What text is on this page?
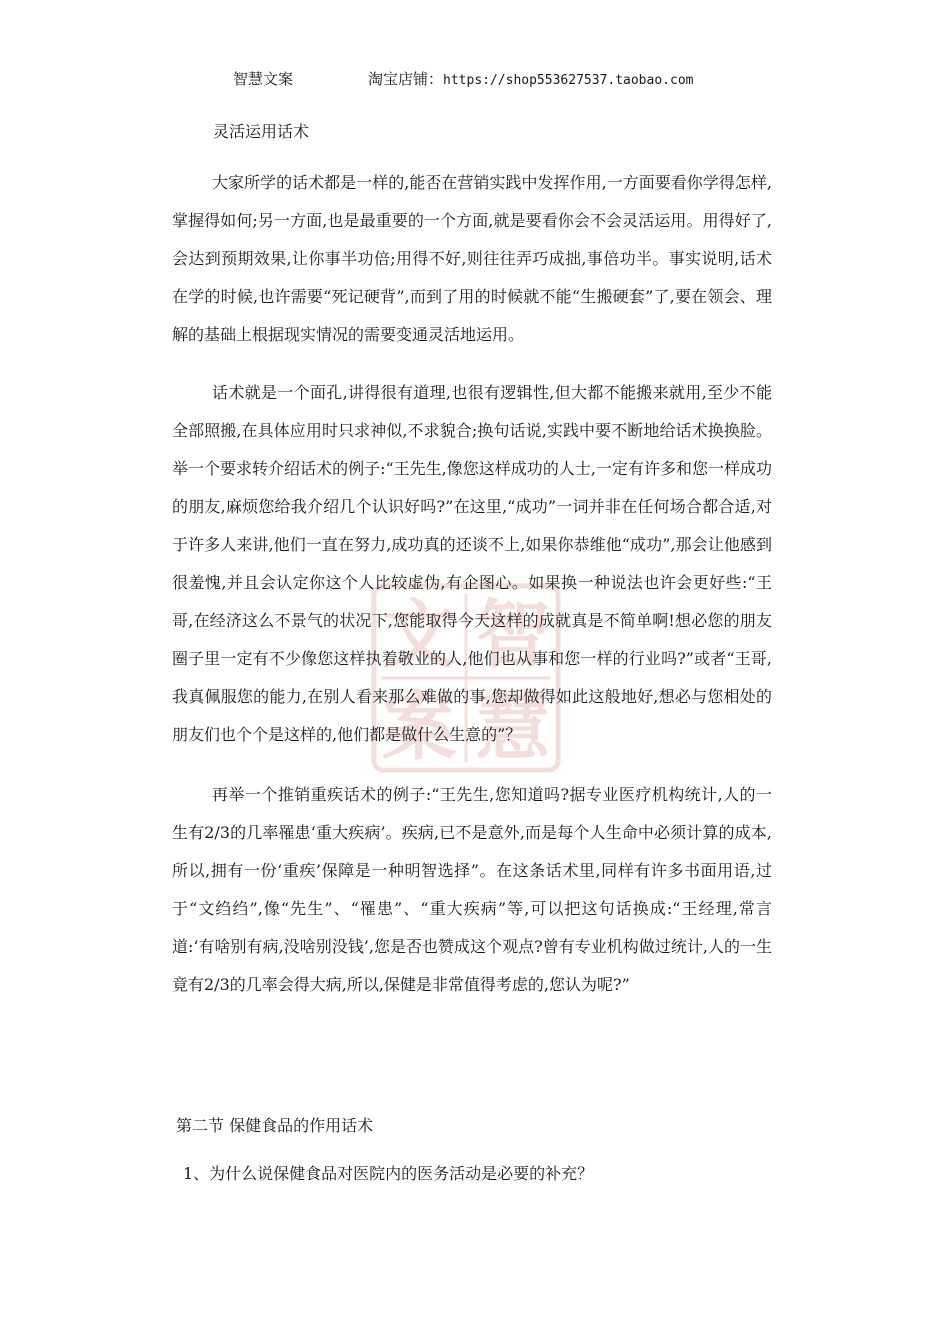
智慧文案	淘宝店铺：https://shop553627537.taobao.com
智
文
慧
案
灵活运用话术

大家所学的话术都是一样的,能否在营销实践中发挥作用,一方面要看你学得怎样,掌握得如何;另一方面,也是最重要的一个方面,就是要看你会不会灵活运用。用得好了,会达到预期效果,让你事半功倍;用得不好,则往往弄巧成拙,事倍功半。事实说明,话术在学的时候,也许需要“死记硬背”,而到了用的时候就不能“生搬硬套”了,要在领会、理解的基础上根据现实情况的需要变通灵活地运用。

话术就是一个面孔,讲得很有道理,也很有逻辑性,但大都不能搬来就用,至少不能全部照搬,在具体应用时只求神似,不求貌合;换句话说,实践中要不断地给话术换换脸。举一个要求转介绍话术的例子:“王先生,像您这样成功的人士,一定有许多和您一样成功的朋友,麻烦您给我介绍几个认识好吗?”在这里,“成功”一词并非在任何场合都合适,对于许多人来讲,他们一直在努力,成功真的还谈不上,如果你恭维他“成功”,那会让他感到很羞愧,并且会认定你这个人比较虚伪,有企图心。如果换一种说法也许会更好些:“王哥,在经济这么不景气的状况下,您能取得今天这样的成就真是不简单啊!想必您的朋友圈子里一定有不少像您这样执着敬业的人,他们也从事和您一样的行业吗?”或者“王哥,我真佩服您的能力,在别人看来那么难做的事,您却做得如此这般地好,想必与您相处的朋友们也个个是这样的,他们都是做什么生意的”？

再举一个推销重疾话术的例子:“王先生,您知道吗?据专业医疗机构统计,人的一生有2/3的几率罹患‘重大疾病’。疾病,已不是意外,而是每个人生命中必须计算的成本,所以,拥有一份‘重疾’保障是一种明智选择”。在这条话术里,同样有许多书面用语,过于“文绉绉”,像“先生”、“罹患”、“重大疾病”等,可以把这句话换成:“王经理,常言道:‘有啥别有病,没啥别没钱’,您是否也赞成这个观点?曾有专业机构做过统计,人的一生竟有2/3的几率会得大病,所以,保健是非常值得考虑的,您认为呢?”

第二节 保健食品的作用话术
1、为什么说保健食品对医院内的医务活动是必要的补充？
